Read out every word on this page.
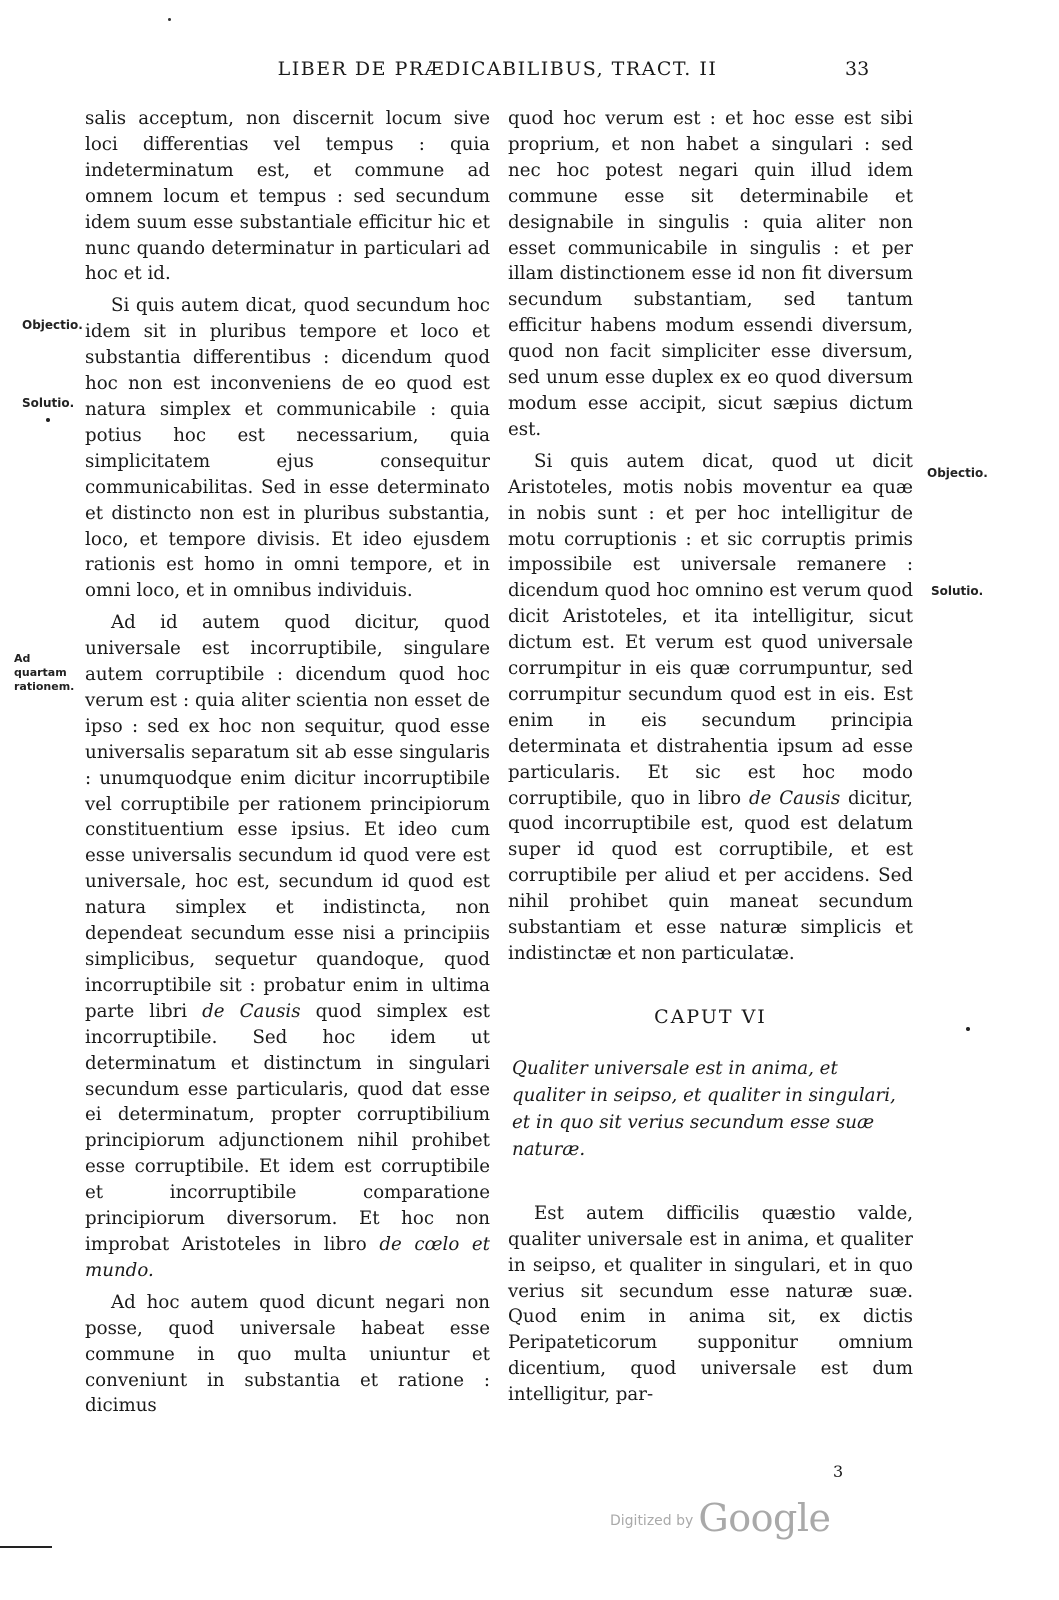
LIBER DE PRÆDICABILIBUS, TRACT. II	33

salis acceptum, non discernit locum sive loci differentias vel tempus : quia indeterminatum est, et commune ad omnem locum et tempus : sed secundum idem suum esse substantiale efficitur hic et nunc quando determinatur in particulari ad hoc et id.

Si quis autem dicat, quod secundum hoc idem sit in pluribus tempore et loco et substantia differentibus : dicendum quod hoc non est inconveniens de eo quod est natura simplex et communicabile : quia potius hoc est necessarium, quia simplicitatem ejus consequitur communicabilitas. Sed in esse determinato et distincto non est in pluribus substantia, loco, et tempore divisis. Et ideo ejusdem rationis est homo in omni tempore, et in omni loco, et in omnibus individuis.

Ad id autem quod dicitur, quod universale est incorruptibile, singulare autem corruptibile : dicendum quod hoc verum est : quia aliter scientia non esset de ipso : sed ex hoc non sequitur, quod esse universalis separatum sit ab esse singularis : unumquodque enim dicitur incorruptibile vel corruptibile per rationem principiorum constituentium esse ipsius. Et ideo cum esse universalis secundum id quod vere est universale, hoc est, secundum id quod est natura simplex et indistincta, non dependeat secundum esse nisi a principiis simplicibus, sequetur quandoque, quod incorruptibile sit : probatur enim in ultima parte libri de Causis quod simplex est incorruptibile. Sed hoc idem ut determinatum et distinctum in singulari secundum esse particularis, quod dat esse ei determinatum, propter corruptibilium principiorum adjunctionem nihil prohibet esse corruptibile. Et idem est corruptibile et incorruptibile comparatione principiorum diversorum. Et hoc non improbat Aristoteles in libro de cœlo et mundo.

Ad hoc autem quod dicunt negari non posse, quod universale habeat esse commune in quo multa uniuntur et conveniunt in substantia et ratione : dicimus

quod hoc verum est : et hoc esse est sibi proprium, et non habet a singulari : sed nec hoc potest negari quin illud idem commune esse sit determinabile et designabile in singulis : quia aliter non esset communicabile in singulis : et per illam distinctionem esse id non fit diversum secundum substantiam, sed tantum efficitur habens modum essendi diversum, quod non facit simpliciter esse diversum, sed unum esse duplex ex eo quod diversum modum esse accipit, sicut sæpius dictum est.

Si quis autem dicat, quod ut dicit Aristoteles, motis nobis moventur ea quæ in nobis sunt : et per hoc intelligitur de motu corruptionis : et sic corruptis primis impossibile est universale remanere : dicendum quod hoc omnino est verum quod dicit Aristoteles, et ita intelligitur, sicut dictum est. Et verum est quod universale corrumpitur in eis quæ corrumpuntur, sed corrumpitur secundum quod est in eis. Est enim in eis secundum principia determinata et distrahentia ipsum ad esse particularis. Et sic est hoc modo corruptibile, quo in libro de Causis dicitur, quod incorruptibile est, quod est delatum super id quod est corruptibile, et est corruptibile per aliud et per accidens. Sed nihil prohibet quin maneat secundum substantiam et esse naturæ simplicis et indistinctæ et non particulatæ.

CAPUT VI

Qualiter universale est in anima, et qualiter in seipso, et qualiter in singulari, et in quo sit verius secundum esse suæ naturæ.

Est autem difficilis quæstio valde, qualiter universale est in anima, et qualiter in seipso, et qualiter in singulari, et in quo verius sit secundum esse naturæ suæ. Quod enim in anima sit, ex dictis Peripateticorum supponitur omnium dicentium, quod universale est dum intelligitur, par-

Objectio.
Solutio.
Ad quartam rationem.
Objectio.
Solutio.
3
Digitized by Google
